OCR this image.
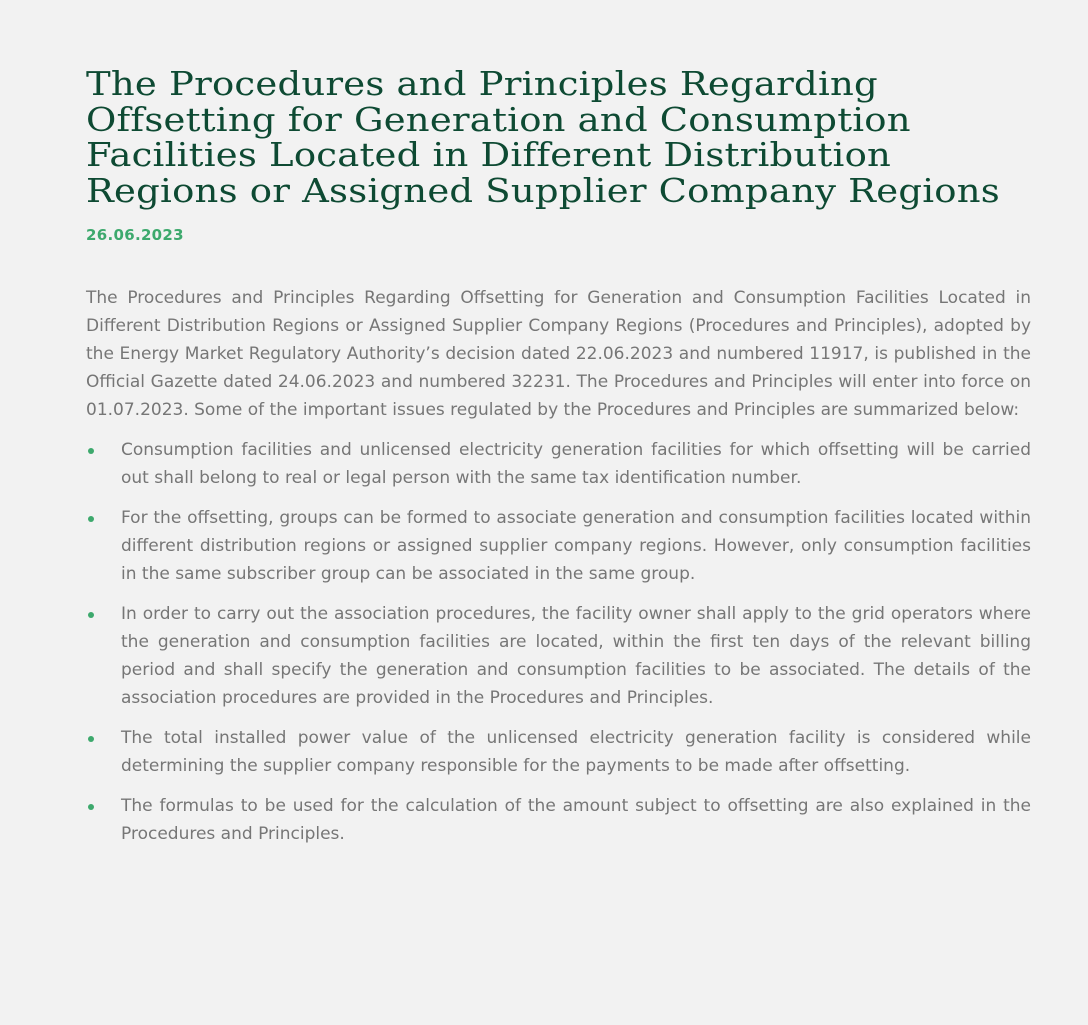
The Procedures and Principles Regarding Offsetting for Generation and Consumption Facilities Located in Different Distribution Regions or Assigned Supplier Company Regions
26.06.2023

The Procedures and Principles Regarding Offsetting for Generation and Consumption Facilities Located in Different Distribution Regions or Assigned Supplier Company Regions (Procedures and Principles), adopted by the Energy Market Regulatory Authority’s decision dated 22.06.2023 and numbered 11917, is published in the Official Gazette dated 24.06.2023 and numbered 32231. The Procedures and Principles will enter into force on 01.07.2023. Some of the important issues regulated by the Procedures and Principles are summarized below:

Consumption facilities and unlicensed electricity generation facilities for which offsetting will be carried out shall belong to real or legal person with the same tax identification number.
For the offsetting, groups can be formed to associate generation and consumption facilities located within different distribution regions or assigned supplier company regions. However, only consumption facilities in the same subscriber group can be associated in the same group.
In order to carry out the association procedures, the facility owner shall apply to the grid operators where the generation and consumption facilities are located, within the first ten days of the relevant billing period and shall specify the generation and consumption facilities to be associated. The details of the association procedures are provided in the Procedures and Principles.
The total installed power value of the unlicensed electricity generation facility is considered while determining the supplier company responsible for the payments to be made after offsetting.
The formulas to be used for the calculation of the amount subject to offsetting are also explained in the Procedures and Principles.
